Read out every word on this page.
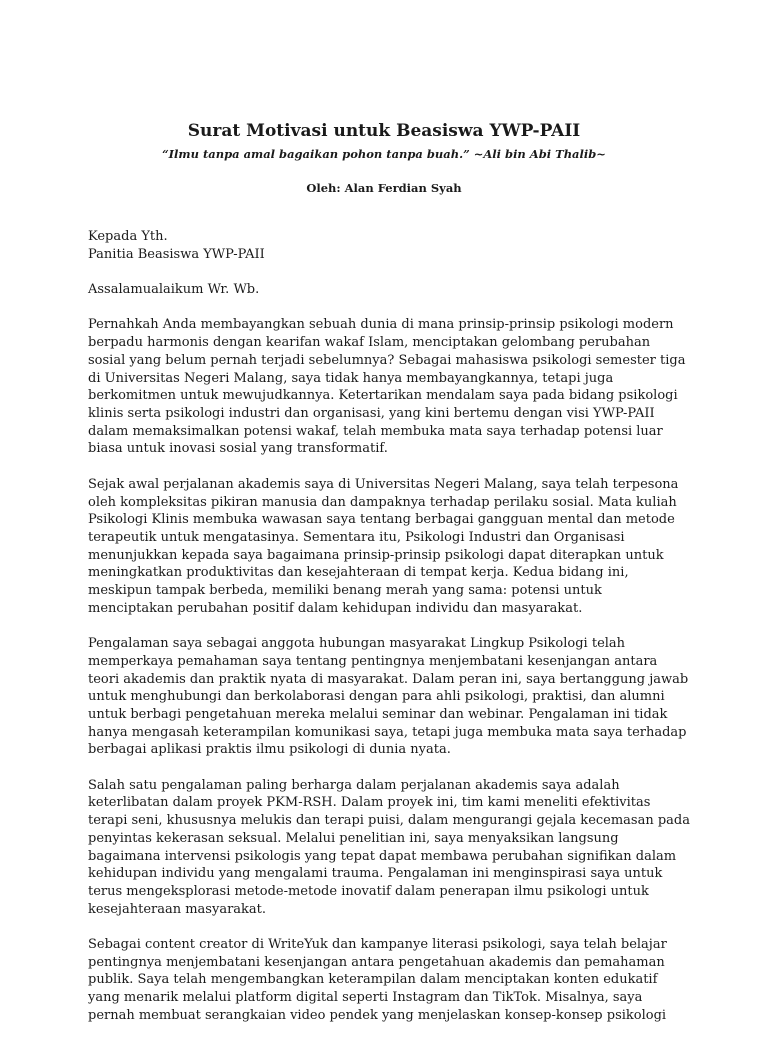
Surat Motivasi untuk Beasiswa YWP-PAII
“Ilmu tanpa amal bagaikan pohon tanpa buah.” ~Ali bin Abi Thalib~
Oleh: Alan Ferdian Syah

Kepada Yth.

Panitia Beasiswa YWP-PAII

Assalamualaikum Wr. Wb.

Pernahkah Anda membayangkan sebuah dunia di mana prinsip-prinsip psikologi modern
berpadu harmonis dengan kearifan wakaf Islam, menciptakan gelombang perubahan
sosial yang belum pernah terjadi sebelumnya? Sebagai mahasiswa psikologi semester tiga
di Universitas Negeri Malang, saya tidak hanya membayangkannya, tetapi juga
berkomitmen untuk mewujudkannya. Ketertarikan mendalam saya pada bidang psikologi
klinis serta psikologi industri dan organisasi, yang kini bertemu dengan visi YWP-PAII
dalam memaksimalkan potensi wakaf, telah membuka mata saya terhadap potensi luar
biasa untuk inovasi sosial yang transformatif.

Sejak awal perjalanan akademis saya di Universitas Negeri Malang, saya telah terpesona
oleh kompleksitas pikiran manusia dan dampaknya terhadap perilaku sosial. Mata kuliah
Psikologi Klinis membuka wawasan saya tentang berbagai gangguan mental dan metode
terapeutik untuk mengatasinya. Sementara itu, Psikologi Industri dan Organisasi
menunjukkan kepada saya bagaimana prinsip-prinsip psikologi dapat diterapkan untuk
meningkatkan produktivitas dan kesejahteraan di tempat kerja. Kedua bidang ini,
meskipun tampak berbeda, memiliki benang merah yang sama: potensi untuk
menciptakan perubahan positif dalam kehidupan individu dan masyarakat.

Pengalaman saya sebagai anggota hubungan masyarakat Lingkup Psikologi telah
memperkaya pemahaman saya tentang pentingnya menjembatani kesenjangan antara
teori akademis dan praktik nyata di masyarakat. Dalam peran ini, saya bertanggung jawab
untuk menghubungi dan berkolaborasi dengan para ahli psikologi, praktisi, dan alumni
untuk berbagi pengetahuan mereka melalui seminar dan webinar. Pengalaman ini tidak
hanya mengasah keterampilan komunikasi saya, tetapi juga membuka mata saya terhadap
berbagai aplikasi praktis ilmu psikologi di dunia nyata.

Salah satu pengalaman paling berharga dalam perjalanan akademis saya adalah
keterlibatan dalam proyek PKM-RSH. Dalam proyek ini, tim kami meneliti efektivitas
terapi seni, khususnya melukis dan terapi puisi, dalam mengurangi gejala kecemasan pada
penyintas kekerasan seksual. Melalui penelitian ini, saya menyaksikan langsung
bagaimana intervensi psikologis yang tepat dapat membawa perubahan signifikan dalam
kehidupan individu yang mengalami trauma. Pengalaman ini menginspirasi saya untuk
terus mengeksplorasi metode-metode inovatif dalam penerapan ilmu psikologi untuk
kesejahteraan masyarakat.

Sebagai content creator di WriteYuk dan kampanye literasi psikologi, saya telah belajar
pentingnya menjembatani kesenjangan antara pengetahuan akademis dan pemahaman
publik. Saya telah mengembangkan keterampilan dalam menciptakan konten edukatif
yang menarik melalui platform digital seperti Instagram dan TikTok. Misalnya, saya
pernah membuat serangkaian video pendek yang menjelaskan konsep-konsep psikologi
